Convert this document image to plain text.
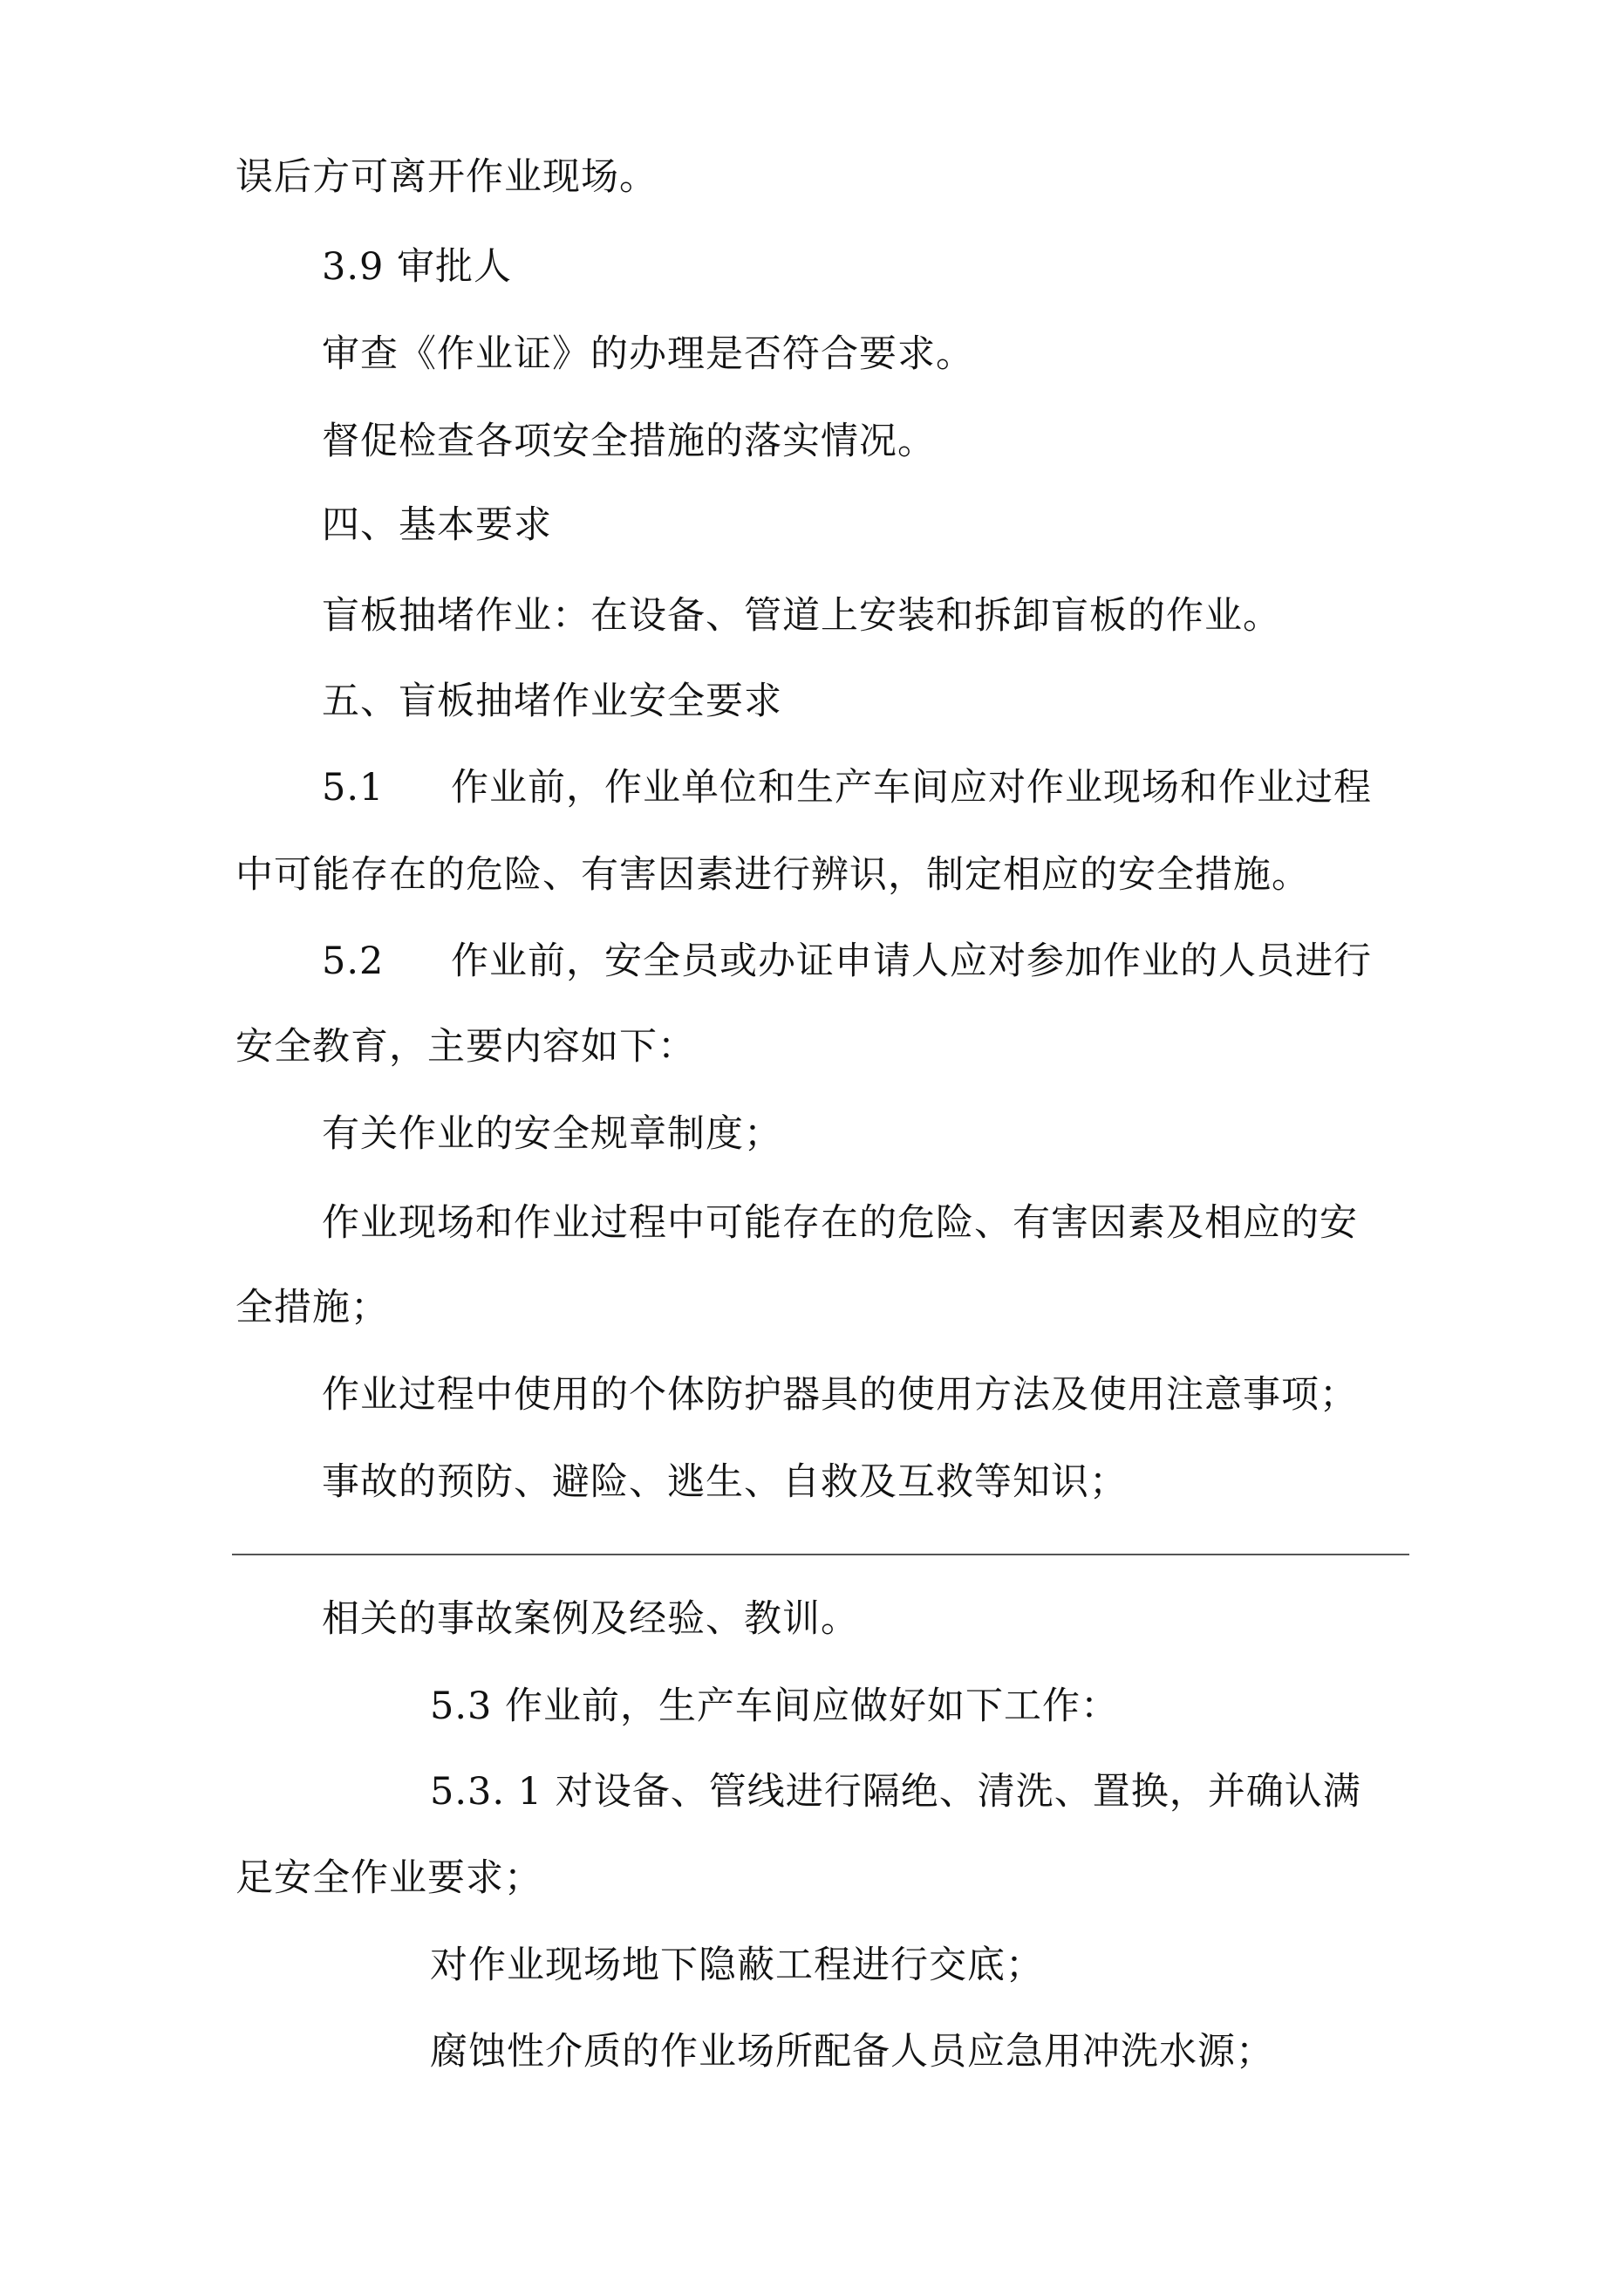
误后方可离开作业现场。
3.9 审批人
审查《作业证》的办理是否符合要求。
督促检查各项安全措施的落实情况。
四、基本要求
盲板抽堵作业：在设备、管道上安装和拆卸盲板的作业。
五、盲板抽堵作业安全要求
5.1 作业前，作业单位和生产车间应对作业现场和作业过程
中可能存在的危险、有害因素进行辨识，制定相应的安全措施。
5.2 作业前，安全员或办证申请人应对参加作业的人员进行
安全教育，主要内容如下：
有关作业的安全规章制度；
作业现场和作业过程中可能存在的危险、有害因素及相应的安
全措施；
作业过程中使用的个体防护器具的使用方法及使用注意事项；
事故的预防、避险、逃生、自救及互救等知识；
相关的事故案例及经验、教训。
5.3 作业前，生产车间应做好如下工作：
5.3. 1 对设备、管线进行隔绝、清洗、置换，并确认满
足安全作业要求；
对作业现场地下隐蔽工程进行交底；
腐蚀性介质的作业场所配备人员应急用冲洗水源；
